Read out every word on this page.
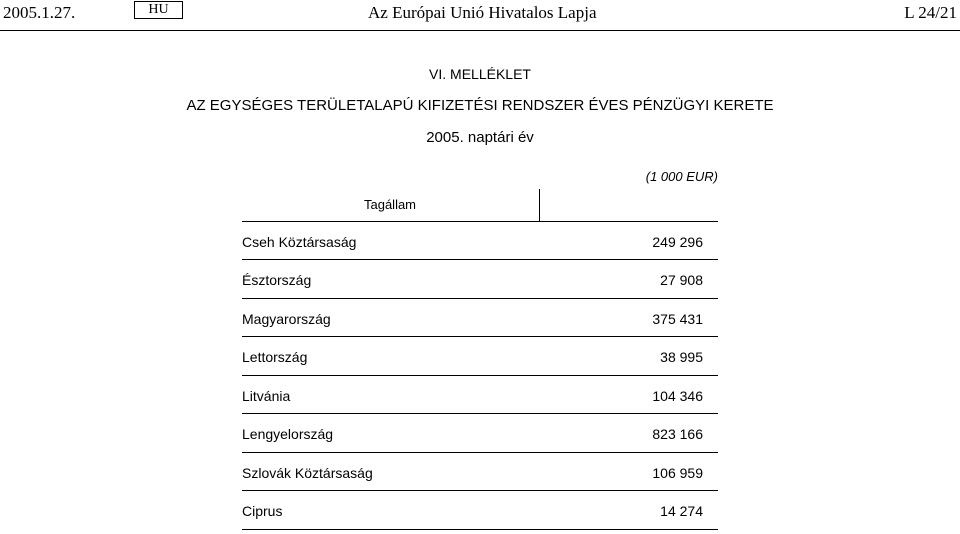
2005.1.27.	HU	Az Európai Unió Hivatalos Lapja	L 24/21
VI. MELLÉKLET
AZ EGYSÉGES TERÜLETALAPÚ KIFIZETÉSI RENDSZER ÉVES PÉNZÜGYI KERETE
2005. naptári év
(1 000 EUR)
Tagállam
Cseh Köztársaság	249 296
Észtország	27 908
Magyarország	375 431
Lettország	38 995
Litvánia	104 346
Lengyelország	823 166
Szlovák Köztársaság	106 959
Ciprus	14 274
